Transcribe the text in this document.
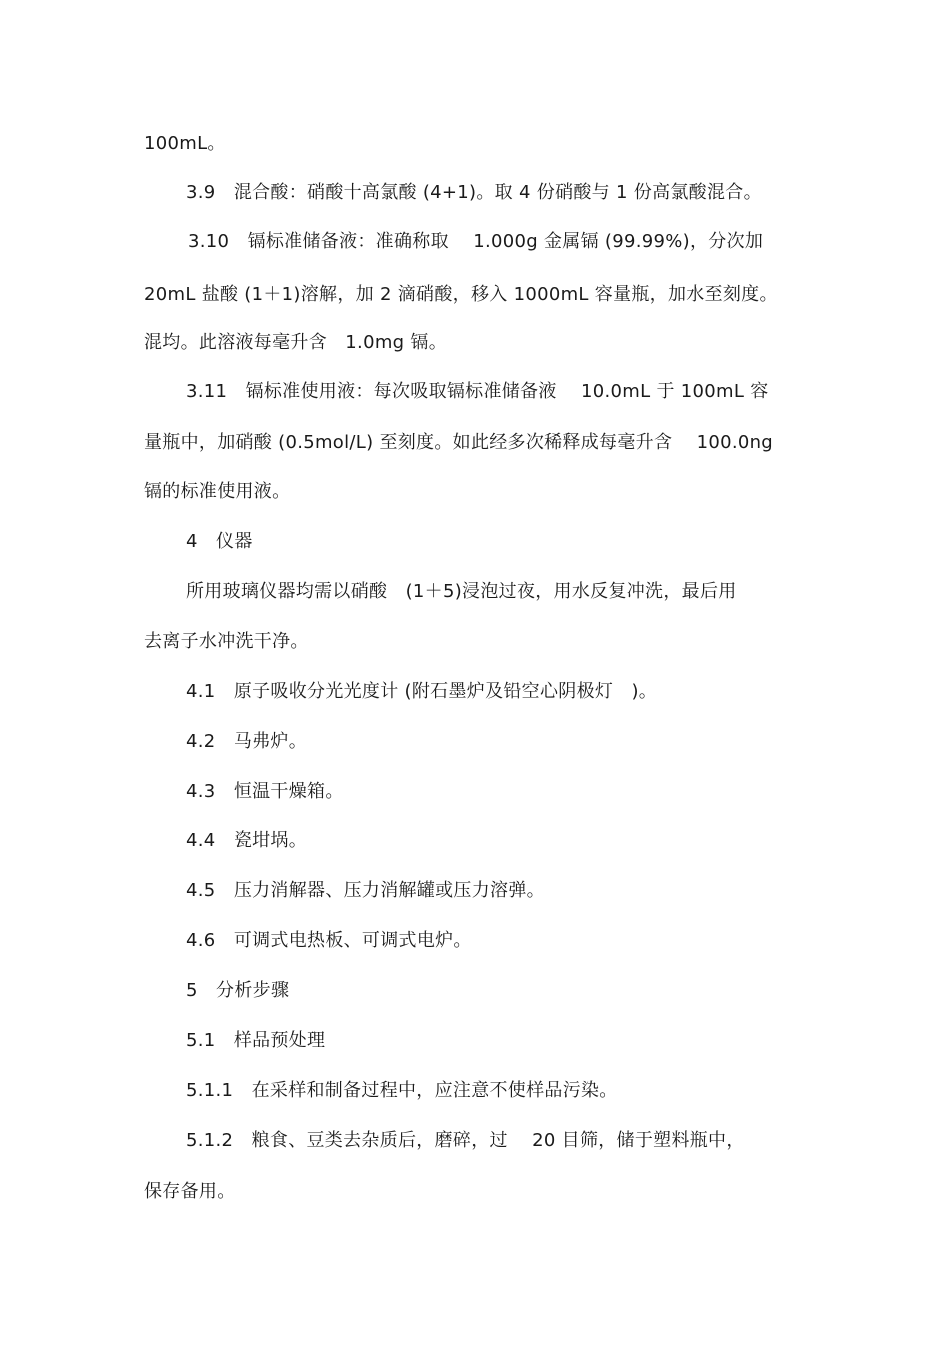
100mL。
3.9　混合酸：硝酸十高氯酸 (4+1)。取 4 份硝酸与 1 份高氯酸混合。
3.10　镉标准储备液：准确称取　 1.000g 金属镉 (99.99%)，分次加
20mL 盐酸 (1＋1)溶解，加 2 滴硝酸，移入 1000mL 容量瓶，加水至刻度。
混均。此溶液每毫升含　1.0mg 镉。
3.11　镉标准使用液：每次吸取镉标准储备液　 10.0mL 于 100mL 容
量瓶中，加硝酸 (0.5mol/L) 至刻度。如此经多次稀释成每毫升含　 100.0ng
镉的标准使用液。
4　仪器
所用玻璃仪器均需以硝酸　(1＋5)浸泡过夜，用水反复冲洗，最后用
去离子水冲洗干净。
4.1　原子吸收分光光度计 (附石墨炉及铅空心阴极灯　)。
4.2　马弗炉。
4.3　恒温干燥箱。
4.4　瓷坩埚。
4.5　压力消解器、压力消解罐或压力溶弹。
4.6　可调式电热板、可调式电炉。
5　分析步骤
5.1　样品预处理
5.1.1　在采样和制备过程中，应注意不使样品污染。
5.1.2　粮食、豆类去杂质后，磨碎，过　 20 目筛，储于塑料瓶中，
保存备用。
